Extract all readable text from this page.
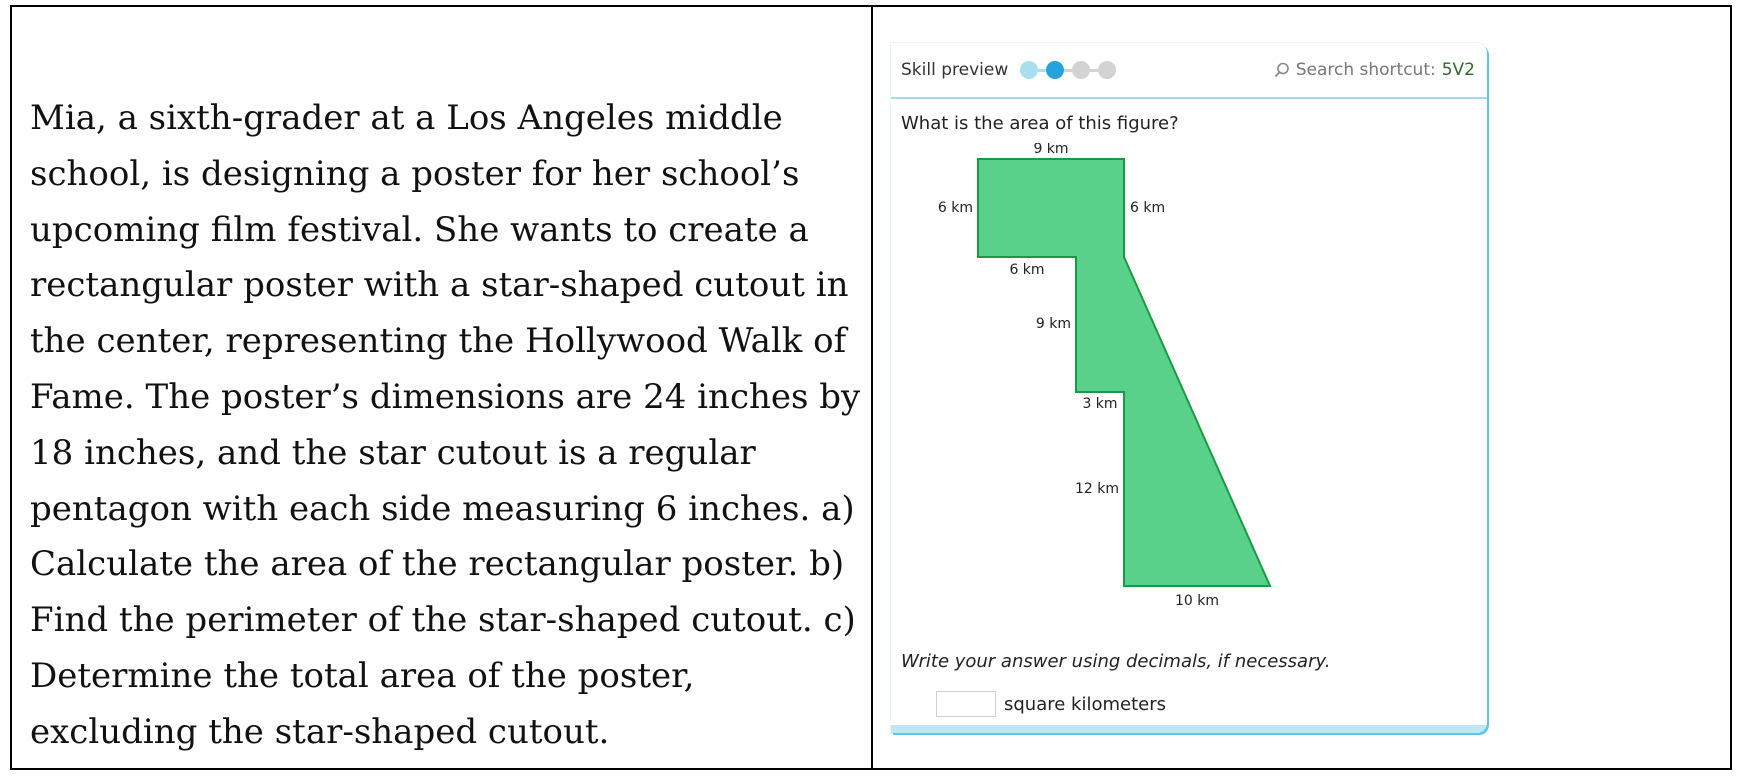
Mia, a sixth-grader at a Los Angeles middle school, is designing a poster for her school’s upcoming film festival. She wants to create a rectangular poster with a star-shaped cutout in the center, representing the Hollywood Walk of Fame. The poster’s dimensions are 24 inches by 18 inches, and the star cutout is a regular pentagon with each side measuring 6 inches. a) Calculate the area of the rectangular poster. b) Find the perimeter of the star-shaped cutout. c) Determine the total area of the poster, excluding the star-shaped cutout.

Skill preview	Search shortcut: 5V2

What is the area of this figure?

9 km
6 km	6 km
6 km
9 km
3 km
12 km
10 km

Write your answer using decimals, if necessary.

square kilometers
